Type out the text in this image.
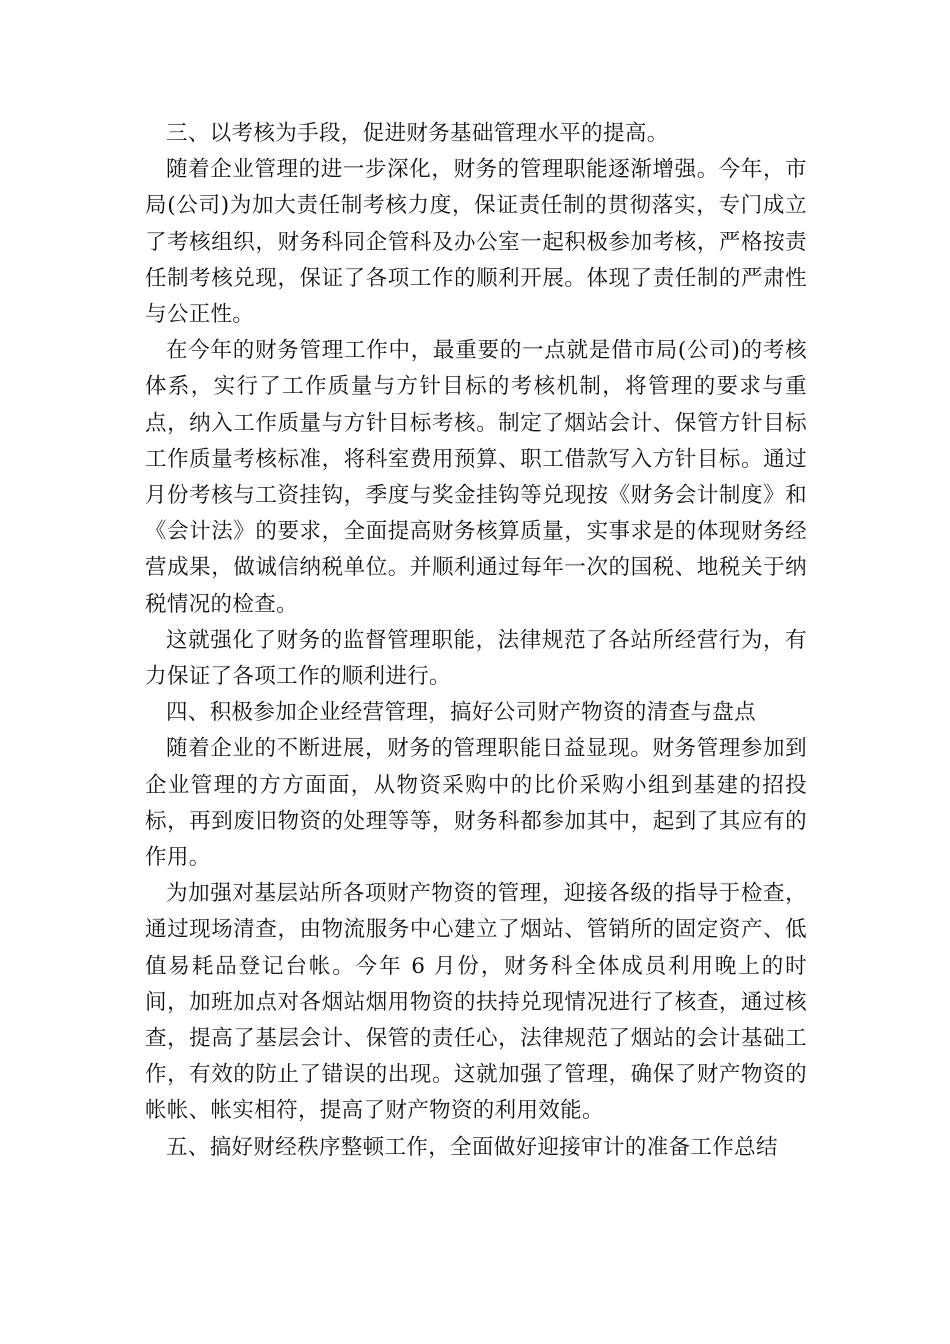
三、以考核为手段，促进财务基础管理水平的提高。

随着企业管理的进一步深化，财务的管理职能逐渐增强。今年，市局(公司)为加大责任制考核力度，保证责任制的贯彻落实，专门成立了考核组织，财务科同企管科及办公室一起积极参加考核，严格按责任制考核兑现，保证了各项工作的顺利开展。体现了责任制的严肃性与公正性。

在今年的财务管理工作中，最重要的一点就是借市局(公司)的考核体系，实行了工作质量与方针目标的考核机制，将管理的要求与重点，纳入工作质量与方针目标考核。制定了烟站会计、保管方针目标工作质量考核标准，将科室费用预算、职工借款写入方针目标。通过月份考核与工资挂钩，季度与奖金挂钩等兑现按《财务会计制度》和《会计法》的要求，全面提高财务核算质量，实事求是的体现财务经营成果，做诚信纳税单位。并顺利通过每年一次的国税、地税关于纳税情况的检查。

这就强化了财务的监督管理职能，法律规范了各站所经营行为，有力保证了各项工作的顺利进行。

四、积极参加企业经营管理，搞好公司财产物资的清查与盘点

随着企业的不断进展，财务的管理职能日益显现。财务管理参加到企业管理的方方面面，从物资采购中的比价采购小组到基建的招投标，再到废旧物资的处理等等，财务科都参加其中，起到了其应有的作用。

为加强对基层站所各项财产物资的管理，迎接各级的指导于检查，通过现场清查，由物流服务中心建立了烟站、管销所的固定资产、低值易耗品登记台帐。今年 6 月份，财务科全体成员利用晚上的时间，加班加点对各烟站烟用物资的扶持兑现情况进行了核查，通过核查，提高了基层会计、保管的责任心，法律规范了烟站的会计基础工作，有效的防止了错误的出现。这就加强了管理，确保了财产物资的帐帐、帐实相符，提高了财产物资的利用效能。

五、搞好财经秩序整顿工作，全面做好迎接审计的准备工作总结
